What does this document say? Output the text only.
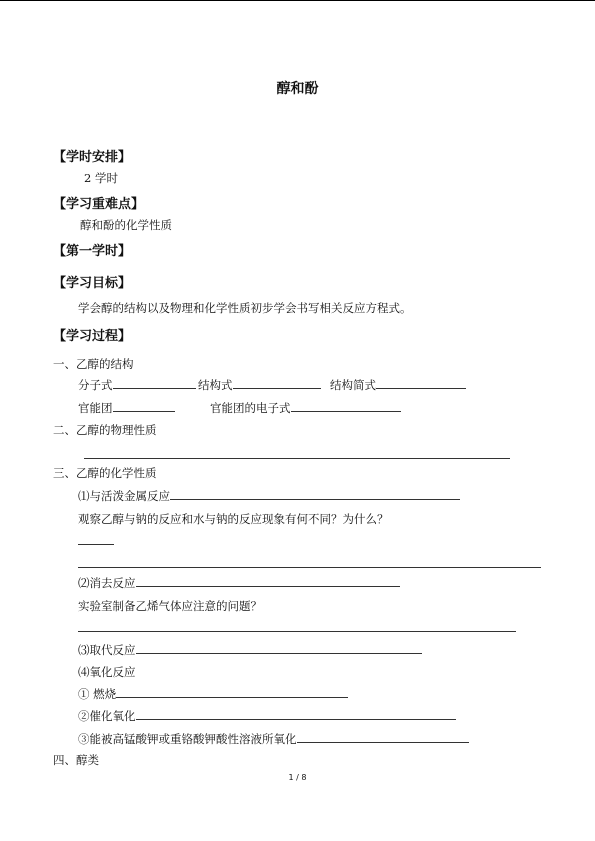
醇和酚
【学时安排】
2 学时
【学习重难点】
醇和酚的化学性质
【第一学时】
【学习目标】
学会醇的结构以及物理和化学性质初步学会书写相关反应方程式。
【学习过程】
一、乙醇的结构
分子式	结构式	结构简式
官能团	官能团的电子式
二、乙醇的物理性质
三、乙醇的化学性质
⑴与活泼金属反应
观察乙醇与钠的反应和水与钠的反应现象有何不同？为什么？
⑵消去反应
实验室制备乙烯气体应注意的问题？
⑶取代反应
⑷氧化反应
① 燃烧
②催化氧化
③能被高锰酸钾或重铬酸钾酸性溶液所氧化
四、醇类
1 / 8
